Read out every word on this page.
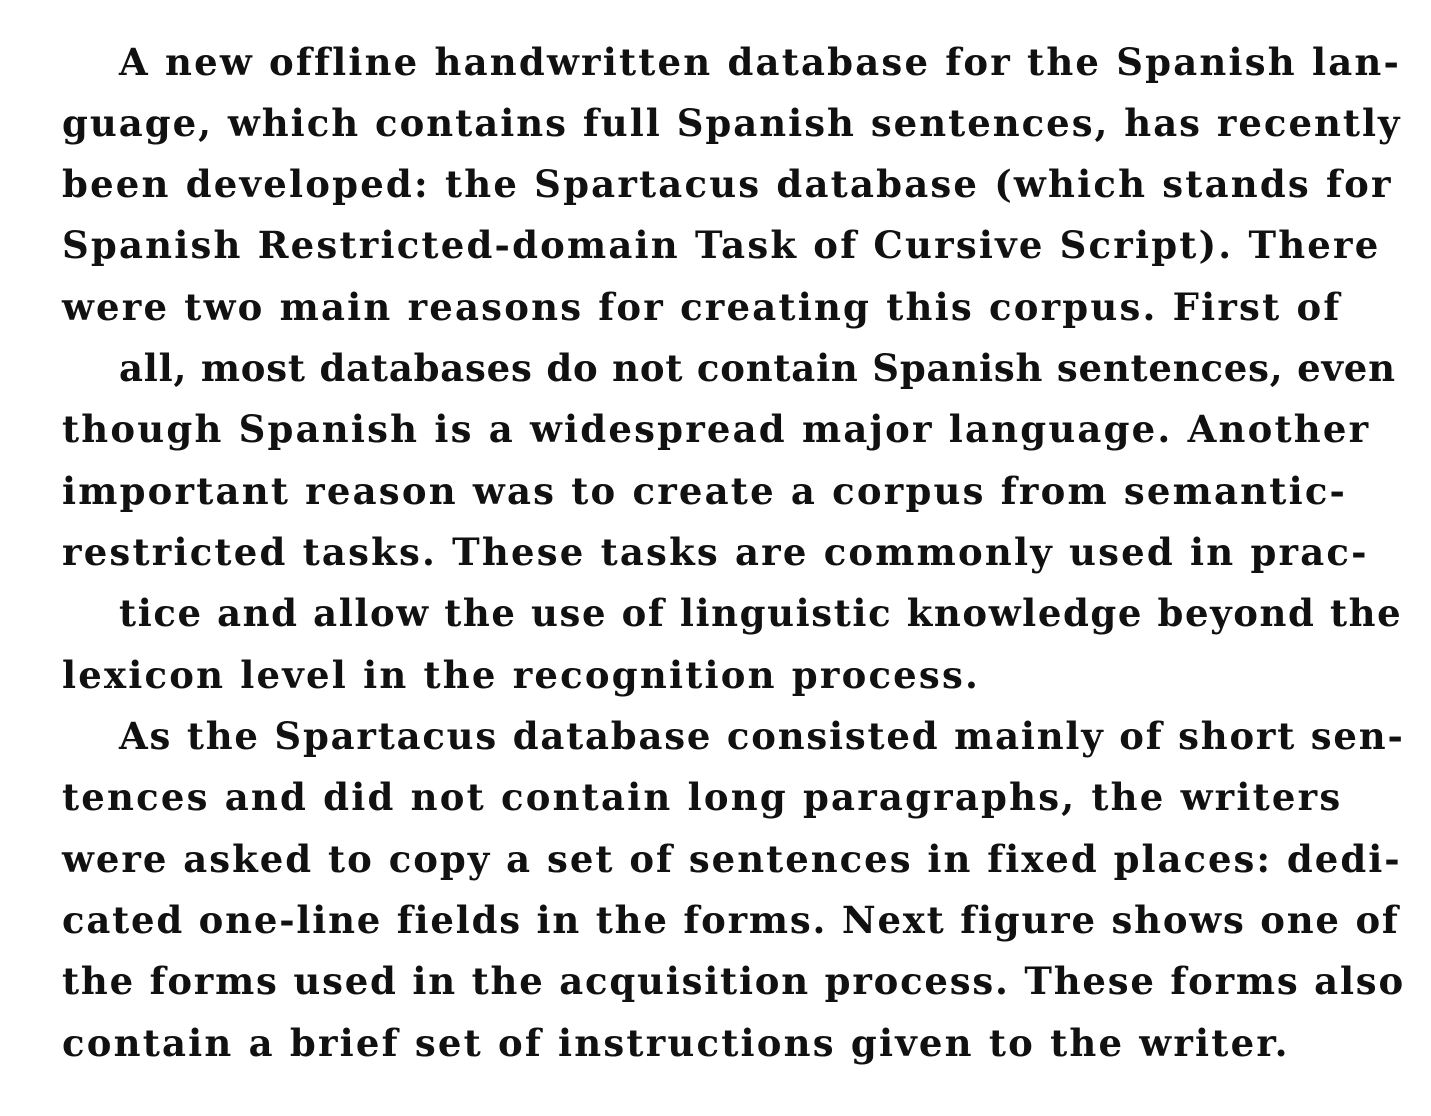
A new offline handwritten database for the Spanish lan-
guage, which contains full Spanish sentences, has recently
been developed: the Spartacus database (which stands for
Spanish Restricted-domain Task of Cursive Script). There
were two main reasons for creating this corpus. First of
all, most databases do not contain Spanish sentences, even
though Spanish is a widespread major language. Another
important reason was to create a corpus from semantic-
restricted tasks. These tasks are commonly used in prac-
tice and allow the use of linguistic knowledge beyond the
lexicon level in the recognition process.
As the Spartacus database consisted mainly of short sen-
tences and did not contain long paragraphs, the writers
were asked to copy a set of sentences in fixed places: dedi-
cated one-line fields in the forms. Next figure shows one of
the forms used in the acquisition process. These forms also
contain a brief set of instructions given to the writer.
